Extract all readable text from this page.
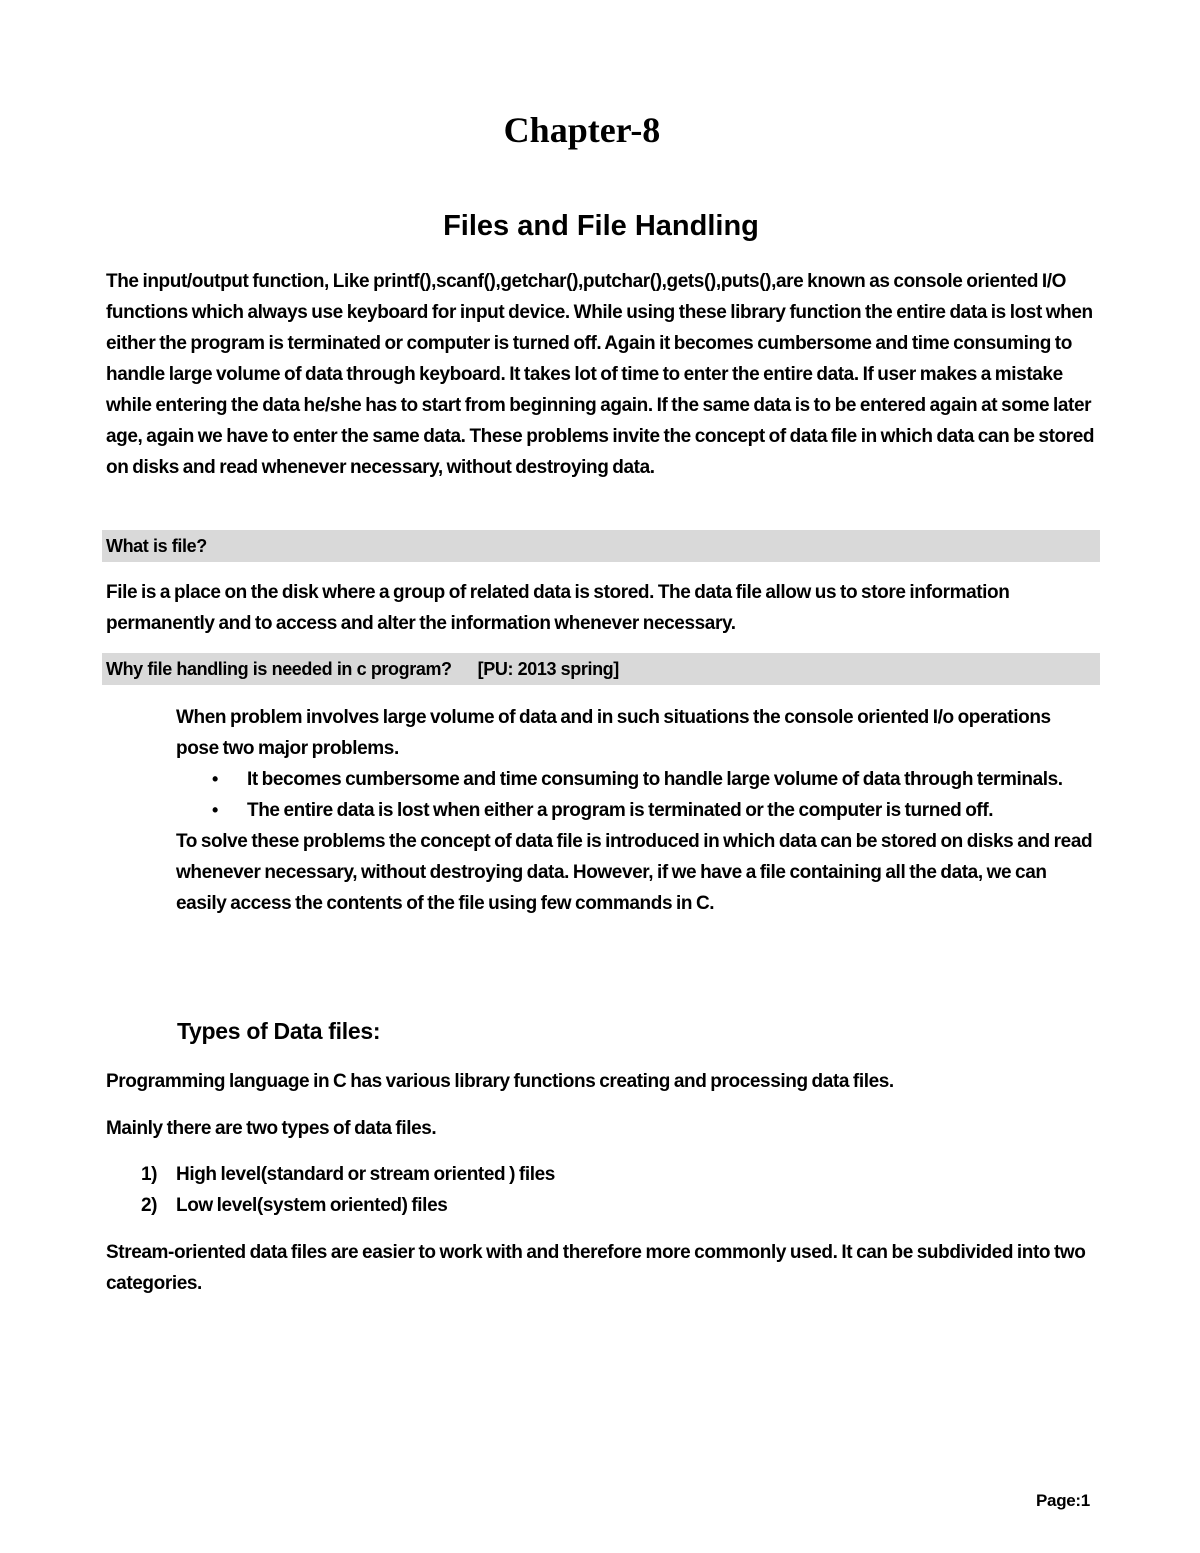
Chapter-8
Files and File Handling

The input/output function, Like printf(),scanf(),getchar(),putchar(),gets(),puts(),are known as console oriented I/O functions which always use keyboard for input device. While using these library function the entire data is lost when either the program is terminated or computer is turned off. Again it becomes cumbersome and time consuming to handle large volume of data through keyboard. It takes lot of time to enter the entire data. If user makes a mistake while entering the data he/she has to start from beginning again. If the same data is to be entered again at some later age, again we have to enter the same data. These problems invite the concept of data file in which data can be stored on disks and read whenever necessary, without destroying data.

What is file?

File is a place on the disk where a group of related data is stored. The data file allow us to store information permanently and to access and alter the information whenever necessary.

Why file handling is needed in c program? [PU: 2013 spring]

When problem involves large volume of data and in such situations the console oriented I/o operations pose two major problems.

• It becomes cumbersome and time consuming to handle large volume of data through terminals.
• The entire data is lost when either a program is terminated or the computer is turned off.

To solve these problems the concept of data file is introduced in which data can be stored on disks and read whenever necessary, without destroying data. However, if we have a file containing all the data, we can easily access the contents of the file using few commands in C.

Types of Data files:

Programming language in C has various library functions creating and processing data files.

Mainly there are two types of data files.

1) High level(standard or stream oriented ) files
2) Low level(system oriented) files

Stream-oriented data files are easier to work with and therefore more commonly used. It can be subdivided into two categories.

Page:1
